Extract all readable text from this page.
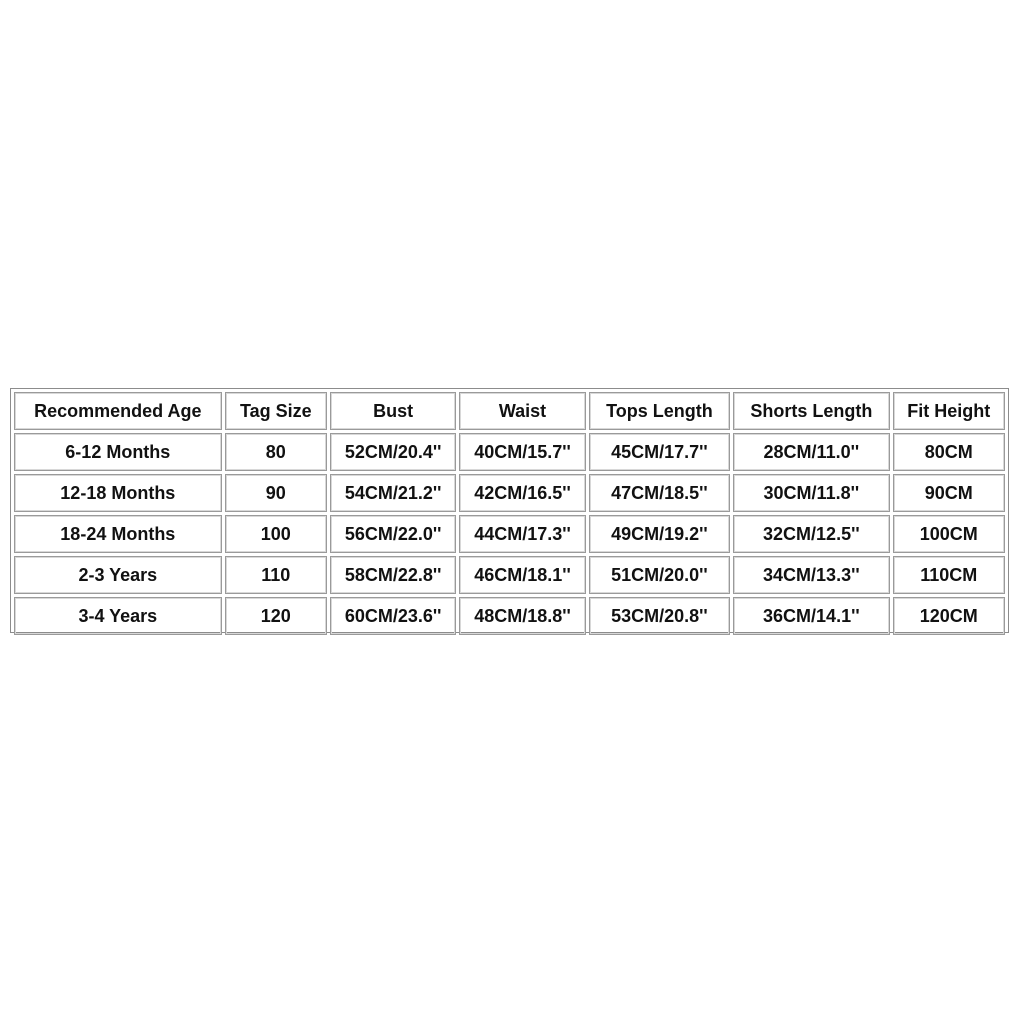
Recommended Age	Tag Size	Bust	Waist	Tops Length	Shorts Length	Fit Height
6-12 Months	80	52CM/20.4''	40CM/15.7''	45CM/17.7''	28CM/11.0''	80CM
12-18 Months	90	54CM/21.2''	42CM/16.5''	47CM/18.5''	30CM/11.8''	90CM
18-24 Months	100	56CM/22.0''	44CM/17.3''	49CM/19.2''	32CM/12.5''	100CM
2-3 Years	110	58CM/22.8''	46CM/18.1''	51CM/20.0''	34CM/13.3''	110CM
3-4 Years	120	60CM/23.6''	48CM/18.8''	53CM/20.8''	36CM/14.1''	120CM
